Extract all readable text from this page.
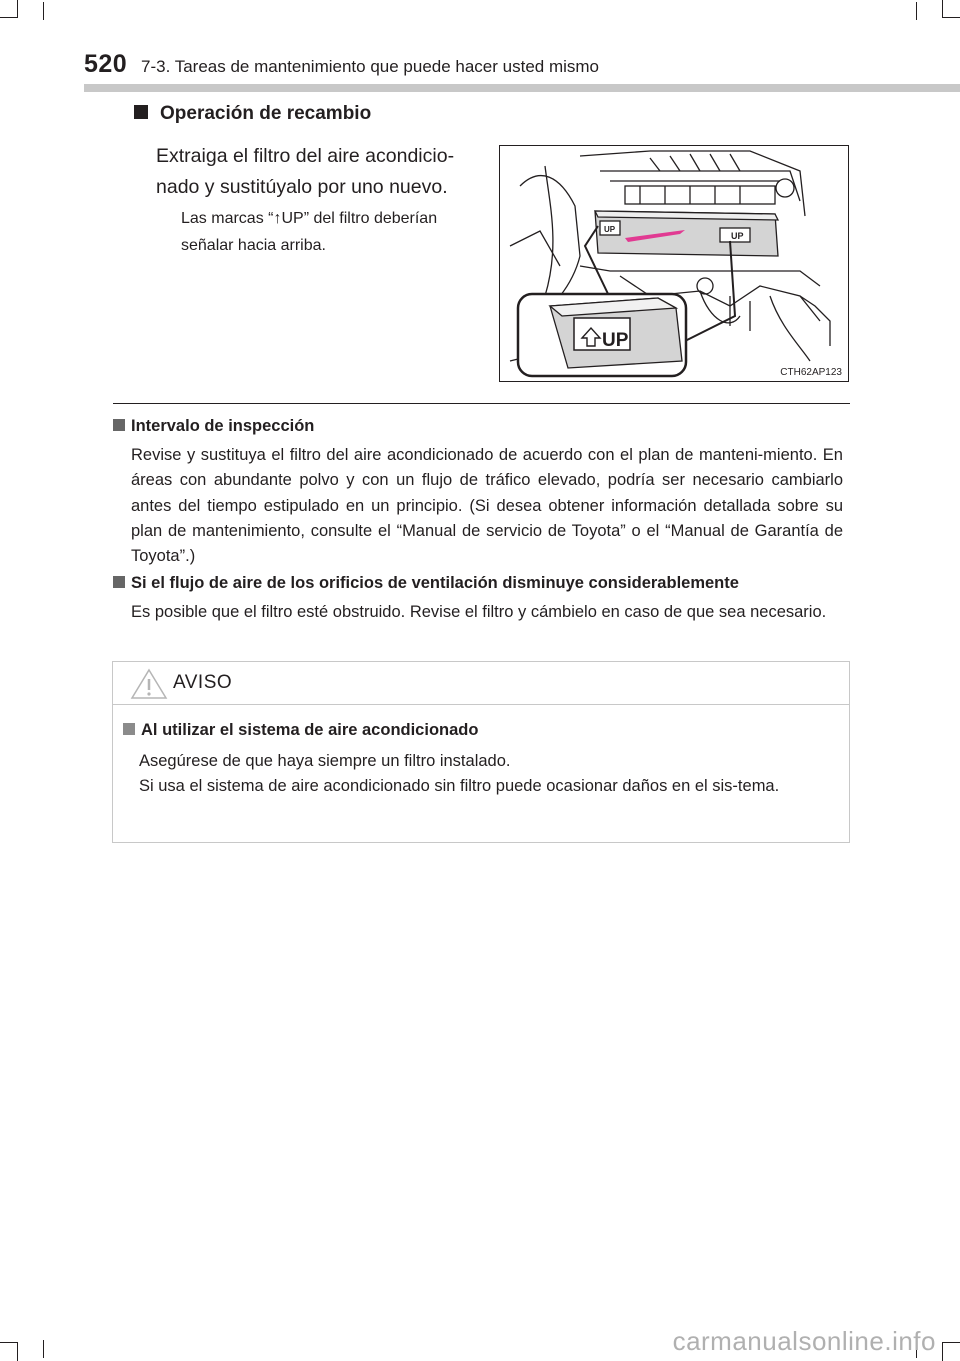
520 7-3. Tareas de mantenimiento que puede hacer usted mismo
Operación de recambio
Extraiga el filtro del aire acondicio-nado y sustitúyalo por uno nuevo.
Las marcas “↑UP” del filtro deberían señalar hacia arriba.
UP
UP
UP
CTH62AP123
Intervalo de inspección
Revise y sustituya el filtro del aire acondicionado de acuerdo con el plan de manteni-miento. En áreas con abundante polvo y con un flujo de tráfico elevado, podría ser necesario cambiarlo antes del tiempo estipulado en un principio. (Si desea obtener información detallada sobre su plan de mantenimiento, consulte el “Manual de servicio de Toyota” o el “Manual de Garantía de Toyota”.)
Si el flujo de aire de los orificios de ventilación disminuye considerablemente
Es posible que el filtro esté obstruido. Revise el filtro y cámbielo en caso de que sea necesario.
AVISO
Al utilizar el sistema de aire acondicionado
Asegúrese de que haya siempre un filtro instalado.
Si usa el sistema de aire acondicionado sin filtro puede ocasionar daños en el sis-tema.
carmanualsonline.info
